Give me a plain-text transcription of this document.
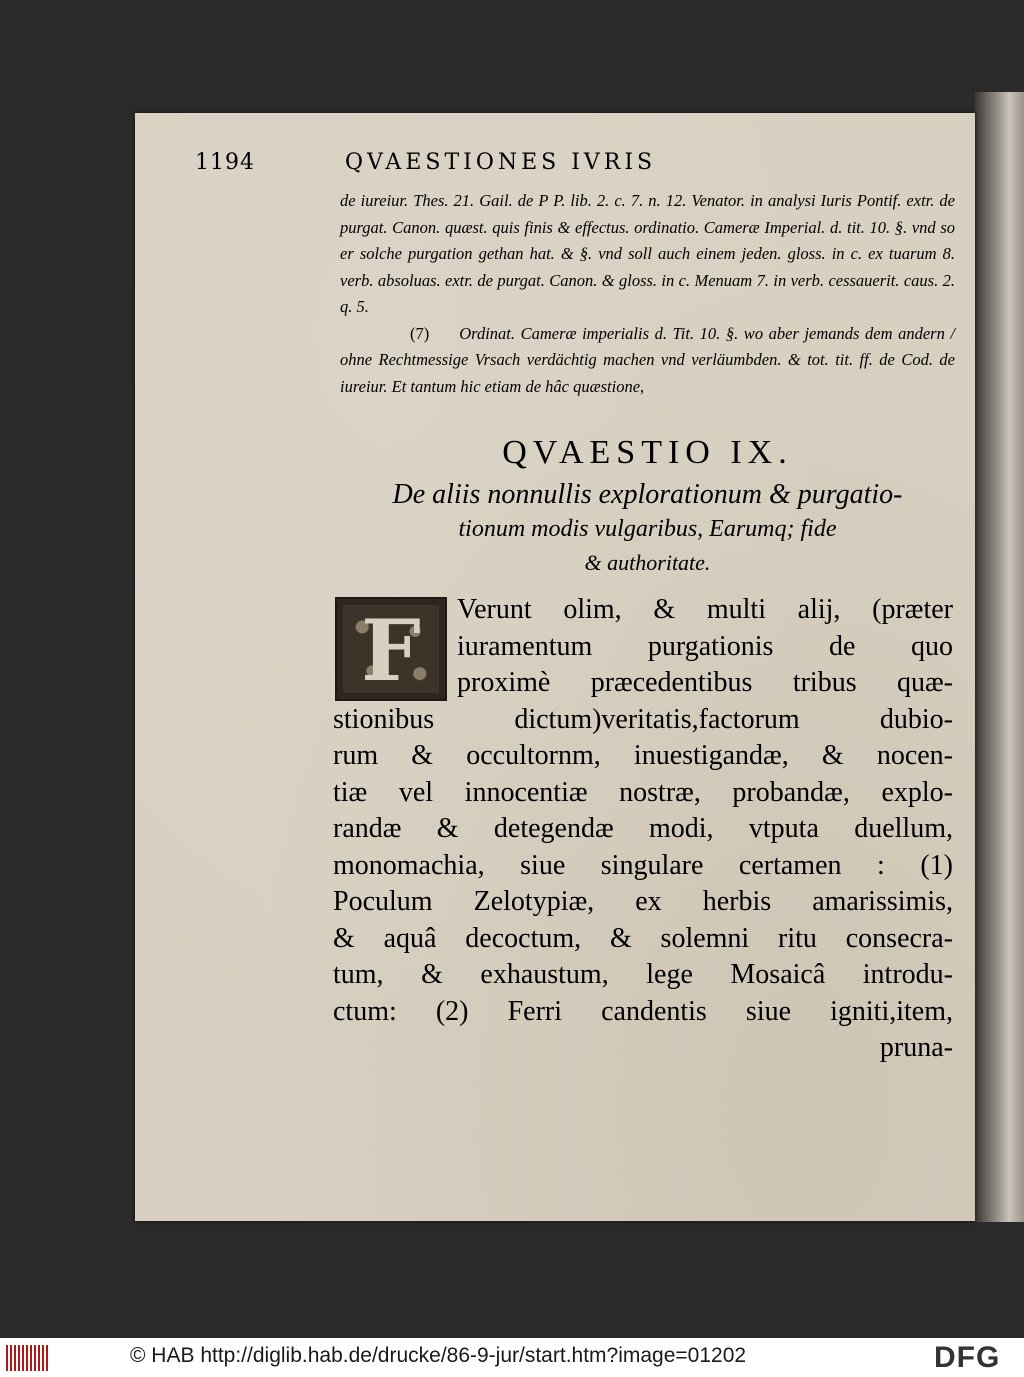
1194	QVAESTIONES IVRIS

de iureiur. Thes. 21. Gail. de P P. lib. 2. c. 7. n. 12. Venator. in analysi Iuris Pontif. extr. de purgat. Canon. quæst. quis finis & effectus. ordinatio. Cameræ Imperial. d. tit. 10. §. vnd so er solche purgation gethan hat. & §. vnd soll auch einem jeden. gloss. in c. ex tuarum 8. verb. absoluas. extr. de purgat. Canon. & gloss. in c. Menuam 7. in verb. cessauerit. caus. 2. q. 5.

(7) Ordinat. Cameræ imperialis d. Tit. 10. §. wo aber jemands dem andern / ohne Rechtmessige Vrsach verdächtig machen vnd verläumbden. & tot. tit. ff. de Cod. de iureiur. Et tantum hic etiam de hâc quæstione,

QVAESTIO IX.
De aliis nonnullis explorationum & purgatio-
tionum modis vulgaribus, Earumq; fide
& authoritate.
F	Verunt olim, & multi alij, (præter
iuramentum purgationis de quo
proximè præcedentibus tribus quæ-
stionibus dictum)veritatis,factorum dubio-
rum & occultornm, inuestigandæ, & nocen-
tiæ vel innocentiæ nostræ, probandæ, explo-
randæ & detegendæ modi, vtputa duellum,
monomachia, siue singulare certamen : (1)
Poculum Zelotypiæ, ex herbis amarissimis,
& aquâ decoctum, & solemni ritu consecra-
tum, & exhaustum, lege Mosaicâ introdu-
ctum: (2) Ferri candentis siue igniti,item,
pruna-
© HAB http://diglib.hab.de/drucke/86-9-jur/start.htm?image=01202	DFG
